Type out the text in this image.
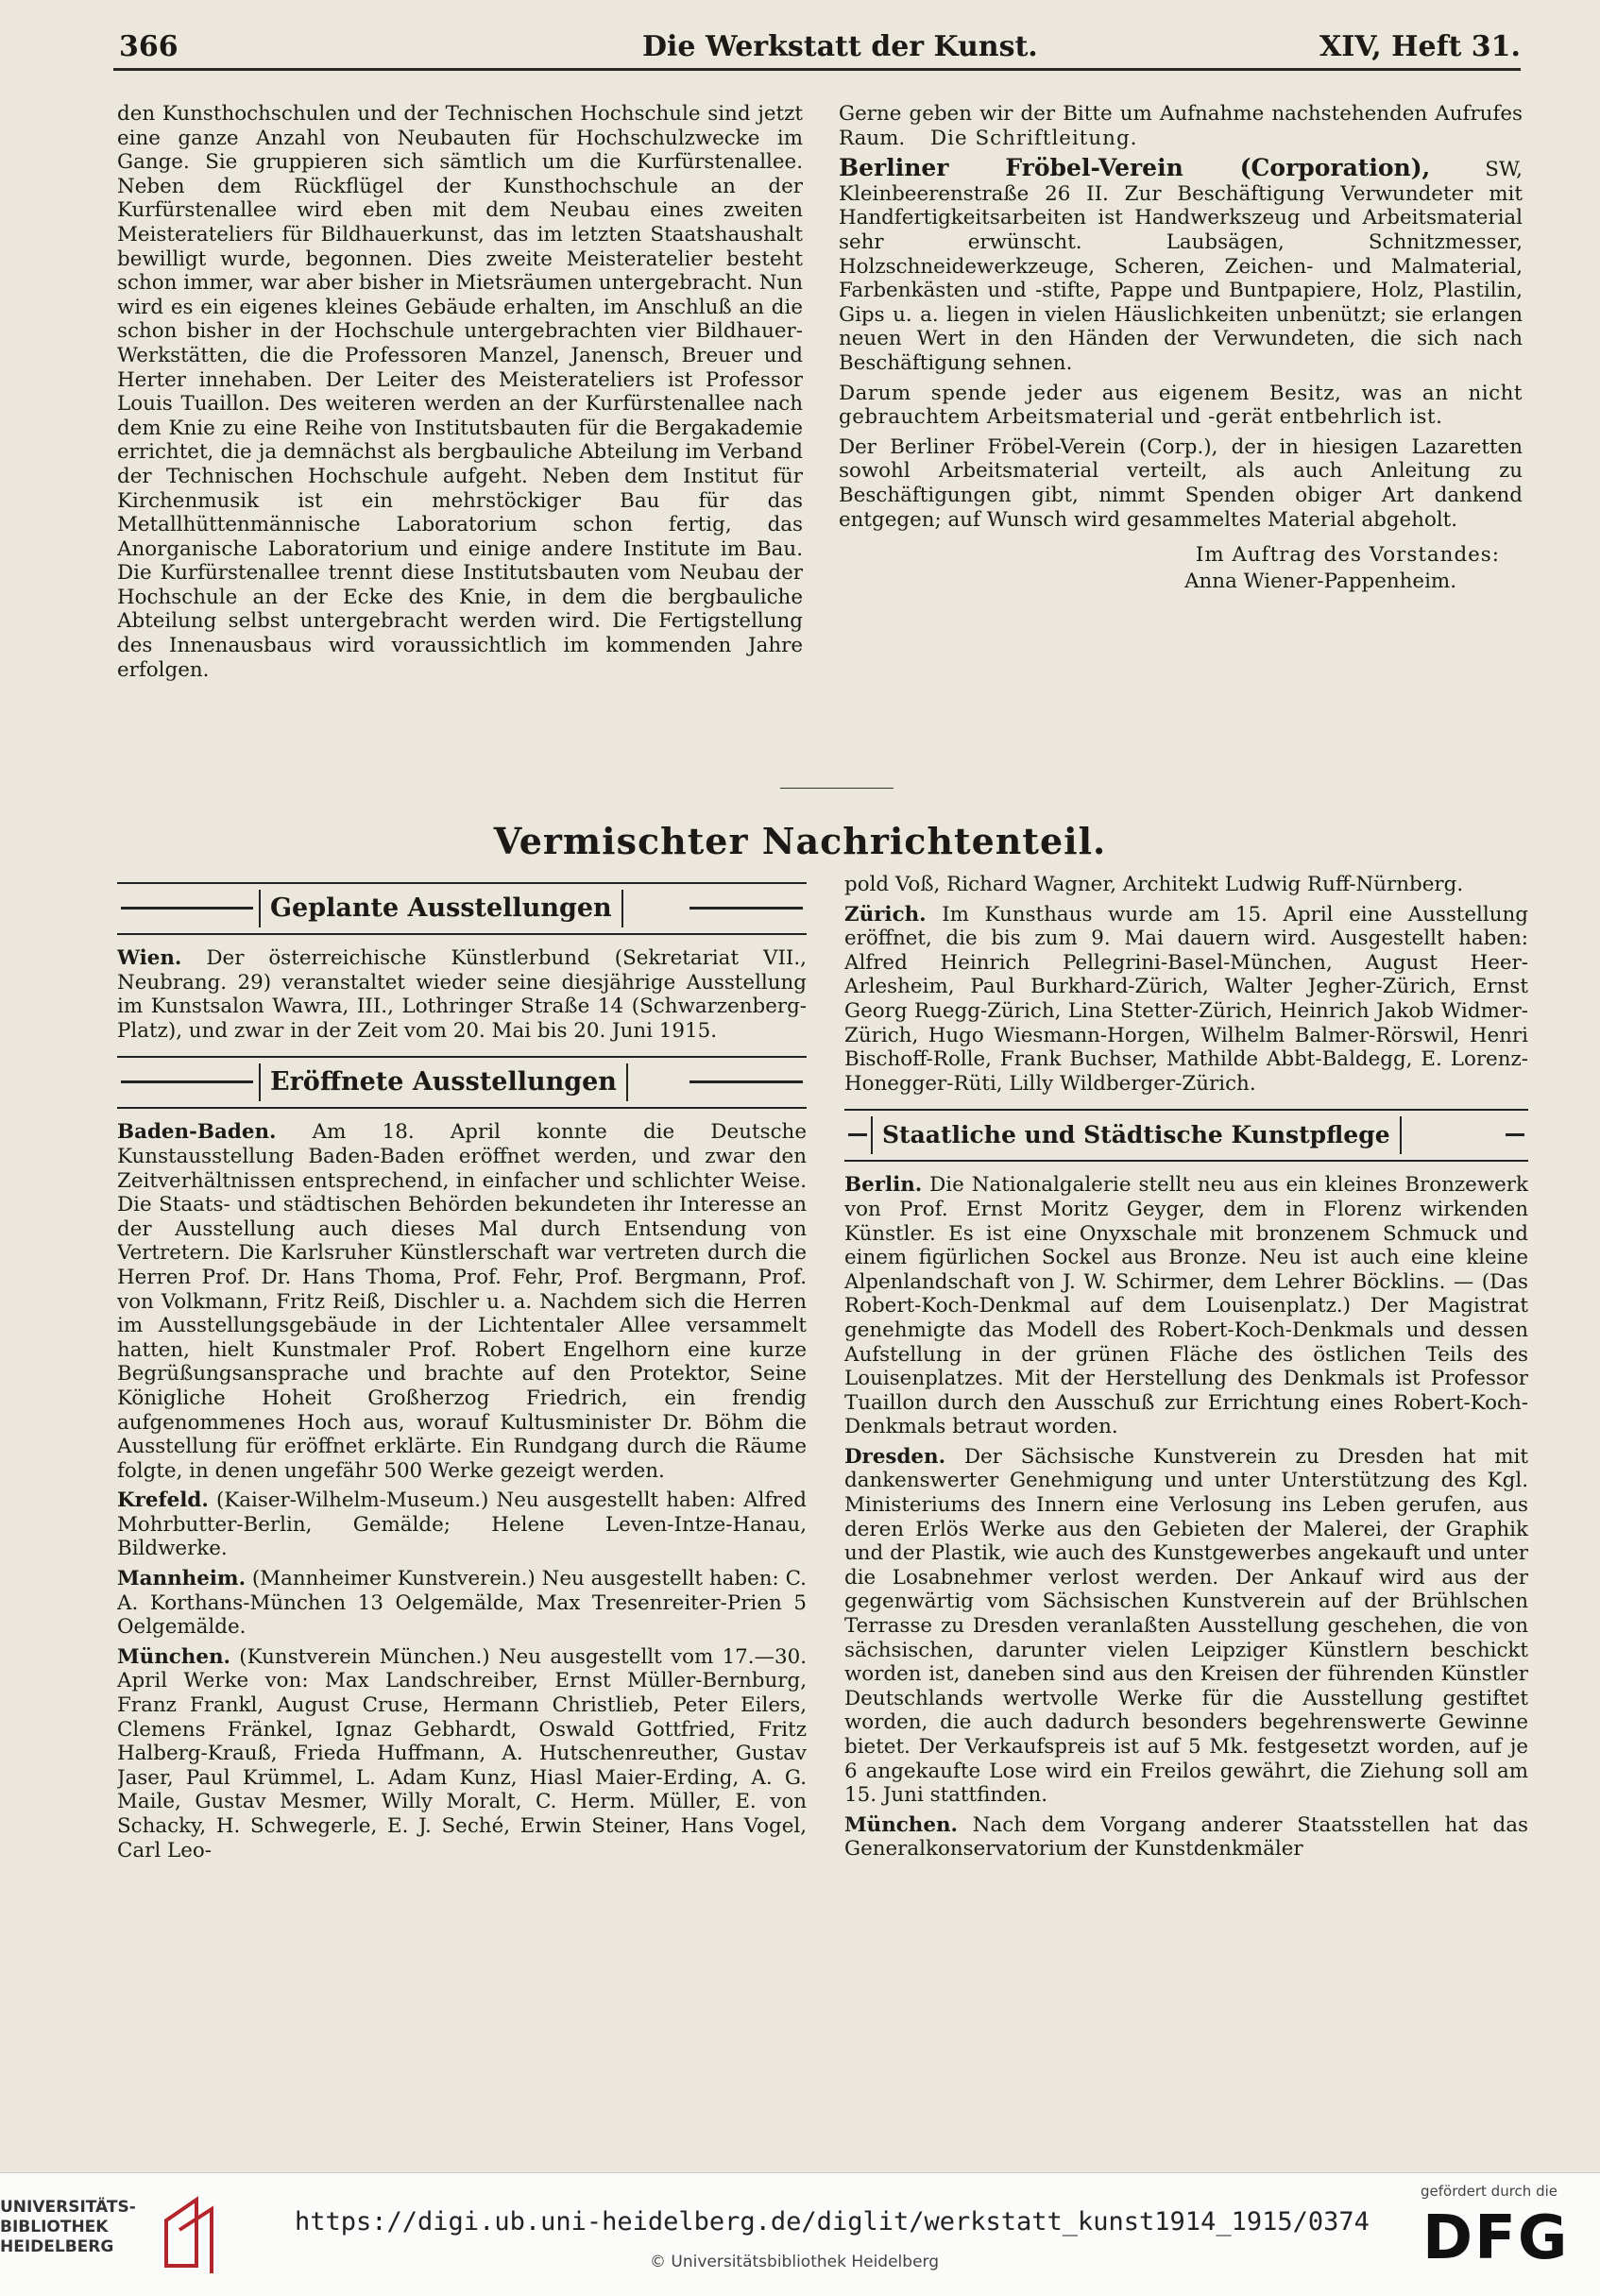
366	Die Werkstatt der Kunst.	XIV, Heft 31.

den Kunsthochschulen und der Technischen Hochschule sind jetzt eine ganze Anzahl von Neubauten für Hochschulzwecke im Gange. Sie gruppieren sich sämtlich um die Kurfürstenallee. Neben dem Rückflügel der Kunsthochschule an der Kurfürstenallee wird eben mit dem Neubau eines zweiten Meisterateliers für Bildhauerkunst, das im letzten Staatshaushalt bewilligt wurde, begonnen. Dies zweite Meisteratelier besteht schon immer, war aber bisher in Mietsräumen untergebracht. Nun wird es ein eigenes kleines Gebäude erhalten, im Anschluß an die schon bisher in der Hochschule untergebrachten vier Bildhauer-Werkstätten, die die Professoren Manzel, Janensch, Breuer und Herter innehaben. Der Leiter des Meisterateliers ist Professor Louis Tuaillon. Des weiteren werden an der Kurfürstenallee nach dem Knie zu eine Reihe von Institutsbauten für die Bergakademie errichtet, die ja demnächst als bergbauliche Abteilung im Verband der Technischen Hochschule aufgeht. Neben dem Institut für Kirchenmusik ist ein mehrstöckiger Bau für das Metallhüttenmännische Laboratorium schon fertig, das Anorganische Laboratorium und einige andere Institute im Bau. Die Kurfürstenallee trennt diese Institutsbauten vom Neubau der Hochschule an der Ecke des Knie, in dem die bergbauliche Abteilung selbst untergebracht werden wird. Die Fertigstellung des Innenausbaus wird voraussichtlich im kommenden Jahre erfolgen.

Gerne geben wir der Bitte um Aufnahme nachstehenden Aufrufes Raum. Die Schriftleitung.

Berliner Fröbel-Verein (Corporation),	SW, Kleinbeerenstraße 26 II. Zur Beschäftigung Verwundeter mit Handfertigkeitsarbeiten ist Handwerkszeug und Arbeitsmaterial sehr erwünscht. Laubsägen, Schnitzmesser, Holzschneidewerkzeuge, Scheren, Zeichen- und Malmaterial, Farbenkästen und -stifte, Pappe und Buntpapiere, Holz, Plastilin, Gips u. a. liegen in vielen Häuslichkeiten unbenützt; sie erlangen neuen Wert in den Händen der Verwundeten, die sich nach Beschäftigung sehnen.

Darum spende jeder aus eigenem Besitz, was an nicht gebrauchtem Arbeitsmaterial und -gerät entbehrlich ist.

Der Berliner Fröbel-Verein (Corp.), der in hiesigen Lazaretten sowohl Arbeitsmaterial verteilt, als auch Anleitung zu Beschäftigungen gibt, nimmt Spenden obiger Art dankend entgegen; auf Wunsch wird gesammeltes Material abgeholt.

Im Auftrag des Vorstandes:

Anna Wiener-Pappenheim.

Vermischter Nachrichtenteil.
Geplante Ausstellungen

Wien. Der österreichische Künstlerbund (Sekretariat VII., Neubrang. 29) veranstaltet wieder seine diesjährige Ausstellung im Kunstsalon Wawra, III., Lothringer Straße 14 (Schwarzenberg-Platz), und zwar in der Zeit vom 20. Mai bis 20. Juni 1915.

Eröffnete Ausstellungen

Baden-Baden. Am 18. April konnte die Deutsche Kunstausstellung Baden-Baden eröffnet werden, und zwar den Zeitverhältnissen entsprechend, in einfacher und schlichter Weise. Die Staats- und städtischen Behörden bekundeten ihr Interesse an der Ausstellung auch dieses Mal durch Entsendung von Vertretern. Die Karlsruher Künstlerschaft war vertreten durch die Herren Prof. Dr. Hans Thoma, Prof. Fehr, Prof. Bergmann, Prof. von Volkmann, Fritz Reiß, Dischler u. a. Nachdem sich die Herren im Ausstellungsgebäude in der Lichtentaler Allee versammelt hatten, hielt Kunstmaler Prof. Robert Engelhorn eine kurze Begrüßungsansprache und brachte auf den Protektor, Seine Königliche Hoheit Großherzog Friedrich, ein frendig aufgenommenes Hoch aus, worauf Kultusminister Dr. Böhm die Ausstellung für eröffnet erklärte. Ein Rundgang durch die Räume folgte, in denen ungefähr 500 Werke gezeigt werden.

Krefeld. (Kaiser-Wilhelm-Museum.) Neu ausgestellt haben: Alfred Mohrbutter-Berlin, Gemälde; Helene Leven-Intze-Hanau, Bildwerke.

Mannheim. (Mannheimer Kunstverein.) Neu ausgestellt haben: C. A. Korthans-München 13 Oelgemälde, Max Tresenreiter-Prien 5 Oelgemälde.

München. (Kunstverein München.) Neu ausgestellt vom 17.—30. April Werke von: Max Landschreiber, Ernst Müller-Bernburg, Franz Frankl, August Cruse, Hermann Christlieb, Peter Eilers, Clemens Fränkel, Ignaz Gebhardt, Oswald Gottfried, Fritz Halberg-Krauß, Frieda Huffmann, A. Hutschenreuther, Gustav Jaser, Paul Krümmel, L. Adam Kunz, Hiasl Maier-Erding, A. G. Maile, Gustav Mesmer, Willy Moralt, C. Herm. Müller, E. von Schacky, H. Schwegerle, E. J. Seché, Erwin Steiner, Hans Vogel, Carl Leo-

pold Voß, Richard Wagner, Architekt Ludwig Ruff-Nürnberg.

Zürich. Im Kunsthaus wurde am 15. April eine Ausstellung eröffnet, die bis zum 9. Mai dauern wird. Ausgestellt haben: Alfred Heinrich Pellegrini-Basel-München, August Heer-Arlesheim, Paul Burkhard-Zürich, Walter Jegher-Zürich, Ernst Georg Ruegg-Zürich, Lina Stetter-Zürich, Heinrich Jakob Widmer-Zürich, Hugo Wiesmann-Horgen, Wilhelm Balmer-Rörswil, Henri Bischoff-Rolle, Frank Buchser, Mathilde Abbt-Baldegg, E. Lorenz-Honegger-Rüti, Lilly Wildberger-Zürich.

Staatliche und Städtische Kunstpflege

Berlin. Die Nationalgalerie stellt neu aus ein kleines Bronzewerk von Prof. Ernst Moritz Geyger, dem in Florenz wirkenden Künstler. Es ist eine Onyxschale mit bronzenem Schmuck und einem figürlichen Sockel aus Bronze. Neu ist auch eine kleine Alpenlandschaft von J. W. Schirmer, dem Lehrer Böcklins. — (Das Robert-Koch-Denkmal auf dem Louisenplatz.) Der Magistrat genehmigte das Modell des Robert-Koch-Denkmals und dessen Aufstellung in der grünen Fläche des östlichen Teils des Louisenplatzes. Mit der Herstellung des Denkmals ist Professor Tuaillon durch den Ausschuß zur Errichtung eines Robert-Koch-Denkmals betraut worden.

Dresden. Der Sächsische Kunstverein zu Dresden hat mit dankenswerter Genehmigung und unter Unterstützung des Kgl. Ministeriums des Innern eine Verlosung ins Leben gerufen, aus deren Erlös Werke aus den Gebieten der Malerei, der Graphik und der Plastik, wie auch des Kunstgewerbes angekauft und unter die Losabnehmer verlost werden. Der Ankauf wird aus der gegenwärtig vom Sächsischen Kunstverein auf der Brühlschen Terrasse zu Dresden veranlaßten Ausstellung geschehen, die von sächsischen, darunter vielen Leipziger Künstlern beschickt worden ist, daneben sind aus den Kreisen der führenden Künstler Deutschlands wertvolle Werke für die Ausstellung gestiftet worden, die auch dadurch besonders begehrenswerte Gewinne bietet. Der Verkaufspreis ist auf 5 Mk. festgesetzt worden, auf je 6 angekaufte Lose wird ein Freilos gewährt, die Ziehung soll am 15. Juni stattfinden.

München. Nach dem Vorgang anderer Staatsstellen hat das Generalkonservatorium der Kunstdenkmäler

UNIVERSITÄTS-
BIBLIOTHEK
HEIDELBERG
https://digi.ub.uni-heidelberg.de/diglit/werkstatt_kunst1914_1915/0374
© Universitätsbibliothek Heidelberg
gefördert durch die
DFG
